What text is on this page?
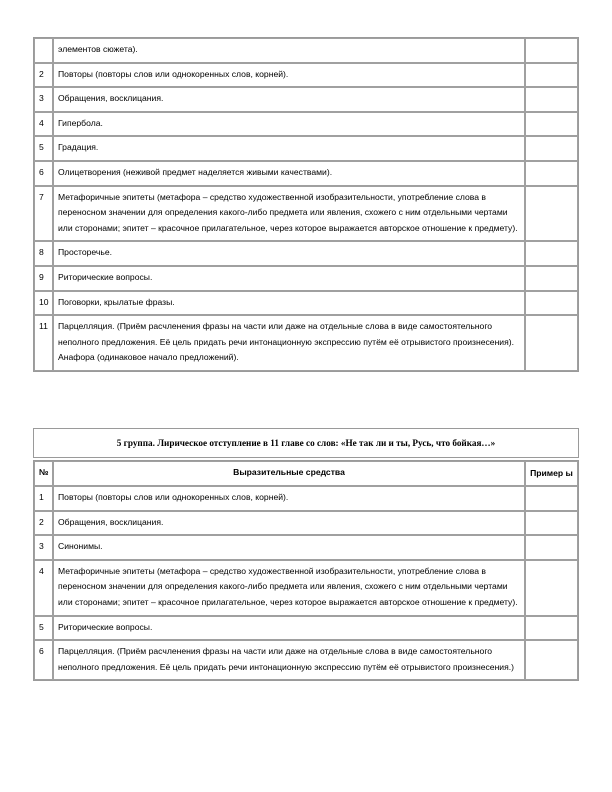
	элементов сюжета).	
2	Повторы (повторы слов или однокоренных слов, корней).	
3	Обращения, восклицания.	
4	Гипербола.	
5	Градация.	
6	Олицетворения (неживой предмет наделяется живыми качествами).	
7	Метафоричные эпитеты (метафора – средство художественной изобразительности, употребление слова в переносном значении для определения какого-либо предмета или явления, схожего с ним отдельными чертами или сторонами; эпитет – красочное прилагательное, через которое выражается авторское отношение к предмету).	
8	Просторечье.	
9	Риторические вопросы.	
10	Поговорки, крылатые фразы.	
11	Парцелляция. (Приём расчленения фразы на части или даже на отдельные слова в виде самостоятельного неполного предложения. Её цель придать речи интонационную экспрессию путём её отрывистого произнесения).
Анафора (одинаковое начало предложений).	

5 группа. Лирическое отступление в 11 главе со слов: «Не так ли и ты, Русь, что бойкая…»
№	Выразительные средства	Пример ы
1	Повторы (повторы слов или однокоренных слов, корней).	
2	Обращения, восклицания.	
3	Синонимы.	
4	Метафоричные эпитеты (метафора – средство художественной изобразительности, употребление слова в переносном значении для определения какого-либо предмета или явления, схожего с ним отдельными чертами или сторонами; эпитет – красочное прилагательное, через которое выражается авторское отношение к предмету).	
5	Риторические вопросы.	
6	Парцелляция. (Приём расчленения фразы на части или даже на отдельные слова в виде самостоятельного неполного предложения. Её цель придать речи интонационную экспрессию путём её отрывистого произнесения.)	
